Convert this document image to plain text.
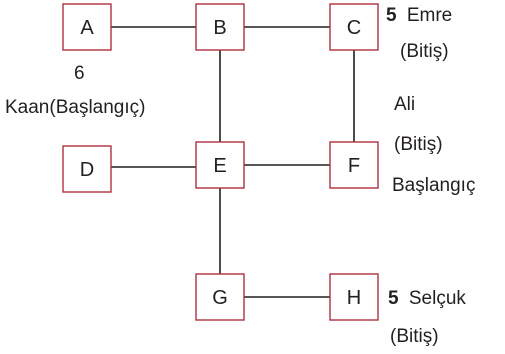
A	B	C
D	E	F
G	H
5 Emre
(Bitiş)
6
Kaan(Başlangıç)	Ali
(Bitiş)
Başlangıç
5 Selçuk
(Bitiş)
